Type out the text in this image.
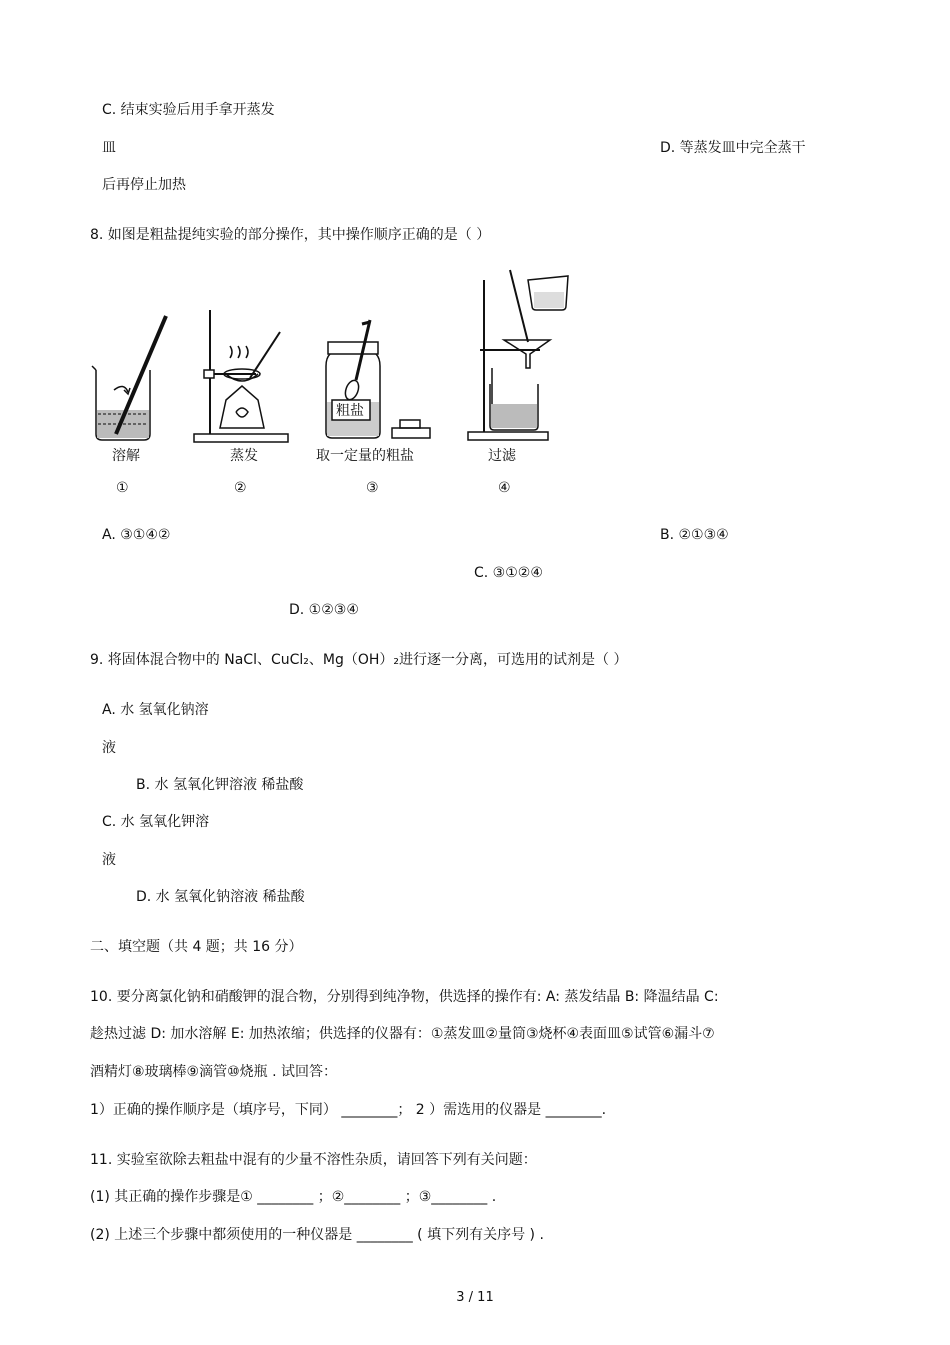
C. 结束实验后用手拿开蒸发
皿	D. 等蒸发皿中完全蒸干
后再停止加热
8. 如图是粗盐提纯实验的部分操作，其中操作顺序正确的是（ ）
溶解
①
蒸发
②
粗盐
取一定量的粗盐
③
过滤
④
A. ③①④②	B. ②①③④
C. ③①②④
D. ①②③④
9. 将固体混合物中的 NaCl、CuCl₂、Mg（OH）₂进行逐一分离，可选用的试剂是（ ）
A. 水 氢氧化钠溶
液
B. 水 氢氧化钾溶液 稀盐酸
C. 水 氢氧化钾溶
液
D. 水 氢氧化钠溶液 稀盐酸
二、填空题（共 4 题；共 16 分）
10. 要分离氯化钠和硝酸钾的混合物，分别得到纯净物，供选择的操作有: A: 蒸发结晶 B: 降温结晶 C:
趁热过滤 D: 加水溶解 E: 加热浓缩；供选择的仪器有：①蒸发皿②量筒③烧杯④表面皿⑤试管⑥漏斗⑦
酒精灯⑧玻璃棒⑨滴管⑩烧瓶 . 试回答：
1）正确的操作顺序是（填序号，下同） ________； 2 ）需选用的仪器是 ________.
11. 实验室欲除去粗盐中混有的少量不溶性杂质，请回答下列有关问题：
(1) 其正确的操作步骤是① ________ ；②________ ；③________ .
(2) 上述三个步骤中都须使用的一种仪器是 ________ ( 填下列有关序号 ) .
3 / 11
